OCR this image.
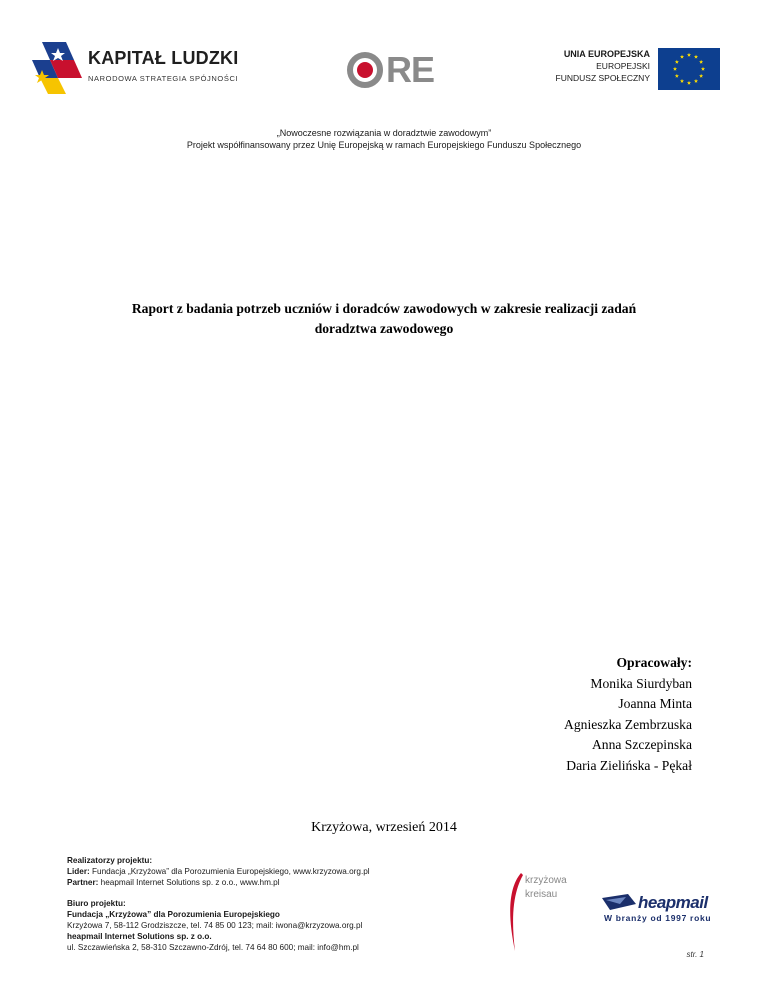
KAPITAŁ LUDZKI
NARODOWA STRATEGIA SPÓJNOŚCI	RE	UNIA EUROPEJSKA
EUROPEJSKI
FUNDUSZ SPOŁECZNY
„Nowoczesne rozwiązania w doradztwie zawodowym”
Projekt współfinansowany przez Unię Europejską w ramach Europejskiego Funduszu Społecznego
Raport z badania potrzeb uczniów i doradców zawodowych w zakresie realizacji zadań
doradztwa zawodowego
Opracowały:
Monika Siurdyban
Joanna Minta
Agnieszka Zembrzuska
Anna Szczepinska
Daria Zielińska - Pękał
Krzyżowa, wrzesień 2014
Realizatorzy projektu:
Lider: Fundacja „Krzyżowa” dla Porozumienia Europejskiego, www.krzyzowa.org.pl
Partner: heapmail Internet Solutions sp. z o.o., www.hm.pl
Biuro projektu:
Fundacja „Krzyżowa” dla Porozumienia Europejskiego
Krzyżowa 7, 58-112 Grodziszcze, tel. 74 85 00 123; mail: iwona@krzyzowa.org.pl
heapmail Internet Solutions sp. z o.o.
ul. Szczawieńska 2, 58-310 Szczawno-Zdrój, tel. 74 64 80 600; mail: info@hm.pl
krzyżowa
kreisau	heapmail
W branży od 1997 roku
str. 1
